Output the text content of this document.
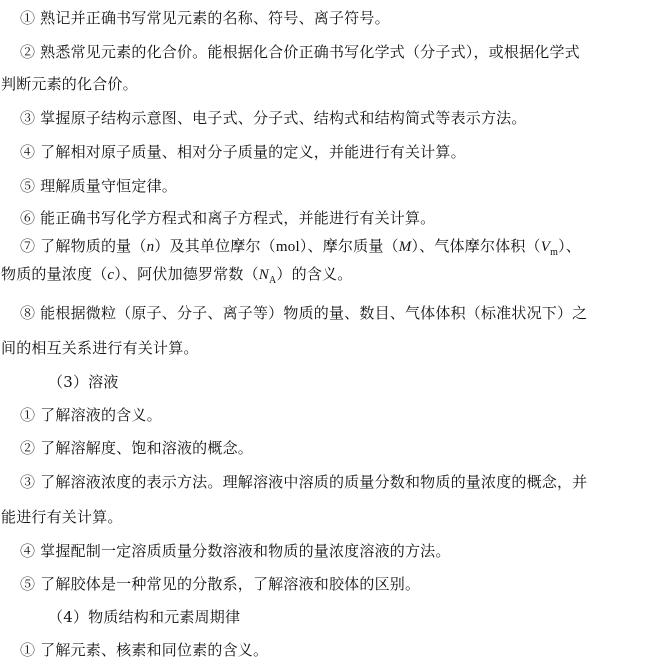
① 熟记并正确书写常见元素的名称、符号、离子符号。
② 熟悉常见元素的化合价。能根据化合价正确书写化学式（分子式），或根据化学式
判断元素的化合价。
③ 掌握原子结构示意图、电子式、分子式、结构式和结构简式等表示方法。
④ 了解相对原子质量、相对分子质量的定义，并能进行有关计算。
⑤ 理解质量守恒定律。
⑥ 能正确书写化学方程式和离子方程式，并能进行有关计算。
⑦ 了解物质的量（n）及其单位摩尔（mol）、摩尔质量（M）、气体摩尔体积$(V_m)$、
物质的量浓度（c）、阿伏加德罗常数$(N_A)$的含义。
⑧ 能根据微粒（原子、分子、离子等）物质的量、数目、气体体积（标准状况下）之
间的相互关系进行有关计算。
（3）溶液
① 了解溶液的含义。
② 了解溶解度、饱和溶液的概念。
③ 了解溶液浓度的表示方法。理解溶液中溶质的质量分数和物质的量浓度的概念，并
能进行有关计算。
④ 掌握配制一定溶质质量分数溶液和物质的量浓度溶液的方法。
⑤ 了解胶体是一种常见的分散系，了解溶液和胶体的区别。
（4）物质结构和元素周期律
① 了解元素、核素和同位素的含义。
